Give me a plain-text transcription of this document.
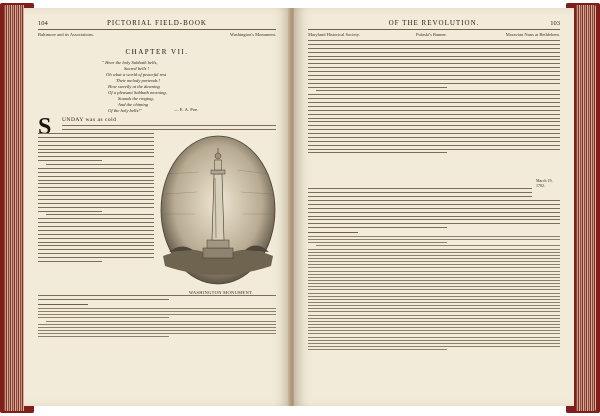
104	PICTORIAL FIELD-BOOK
Baltimore and its Associations.	Washington's Monument.
CHAPTER VII.
" Hear the holy Sabbath bells,
Sacred bells !
Oh what a world of peaceful rest
Their melody portends !
How sweetly at the dawning
Of a pleasant Sabbath morning,
Sounds the ringing,
And the chiming
Of the holy bells!"	— E. A. Poe.
S	UNDAY was as cold
WASHINGTON MONUMENT.
OF THE REVOLUTION.	103
Maryland Historical Society.	Pulaski's Banner.	Moravian Nuns at Bethlehem.
March 19, 1782.
